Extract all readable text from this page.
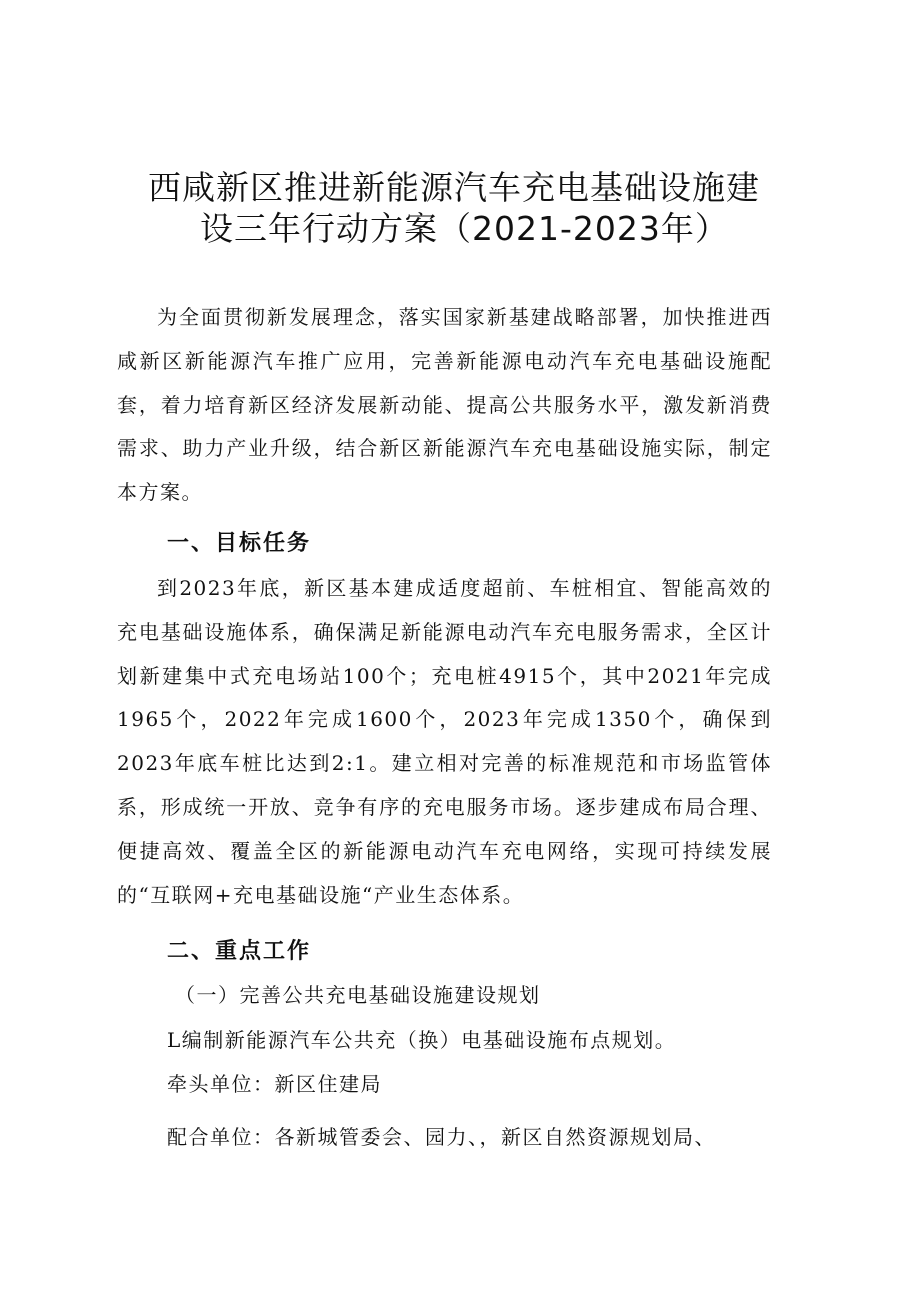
西咸新区推进新能源汽车充电基础设施建
设三年行动方案（2021-2023年）

为全面贯彻新发展理念，落实国家新基建战略部署，加快推进西咸新区新能源汽车推广应用，完善新能源电动汽车充电基础设施配套，着力培育新区经济发展新动能、提高公共服务水平，激发新消费需求、助力产业升级，结合新区新能源汽车充电基础设施实际，制定本方案。

一、目标任务

到2023年底，新区基本建成适度超前、车桩相宜、智能高效的充电基础设施体系，确保满足新能源电动汽车充电服务需求，全区计划新建集中式充电场站100个；充电桩4915个，其中2021年完成1965个，2022年完成1600个，2023年完成1350个，确保到2023年底车桩比达到2:1。建立相对完善的标准规范和市场监管体系，形成统一开放、竞争有序的充电服务市场。逐步建成布局合理、便捷高效、覆盖全区的新能源电动汽车充电网络，实现可持续发展的“互联网+充电基础设施“产业生态体系。

二、重点工作
（一）完善公共充电基础设施建设规划
L编制新能源汽车公共充（换）电基础设施布点规划。
牵头单位：新区住建局
配合单位：各新城管委会、园力、，新区自然资源规划局、
